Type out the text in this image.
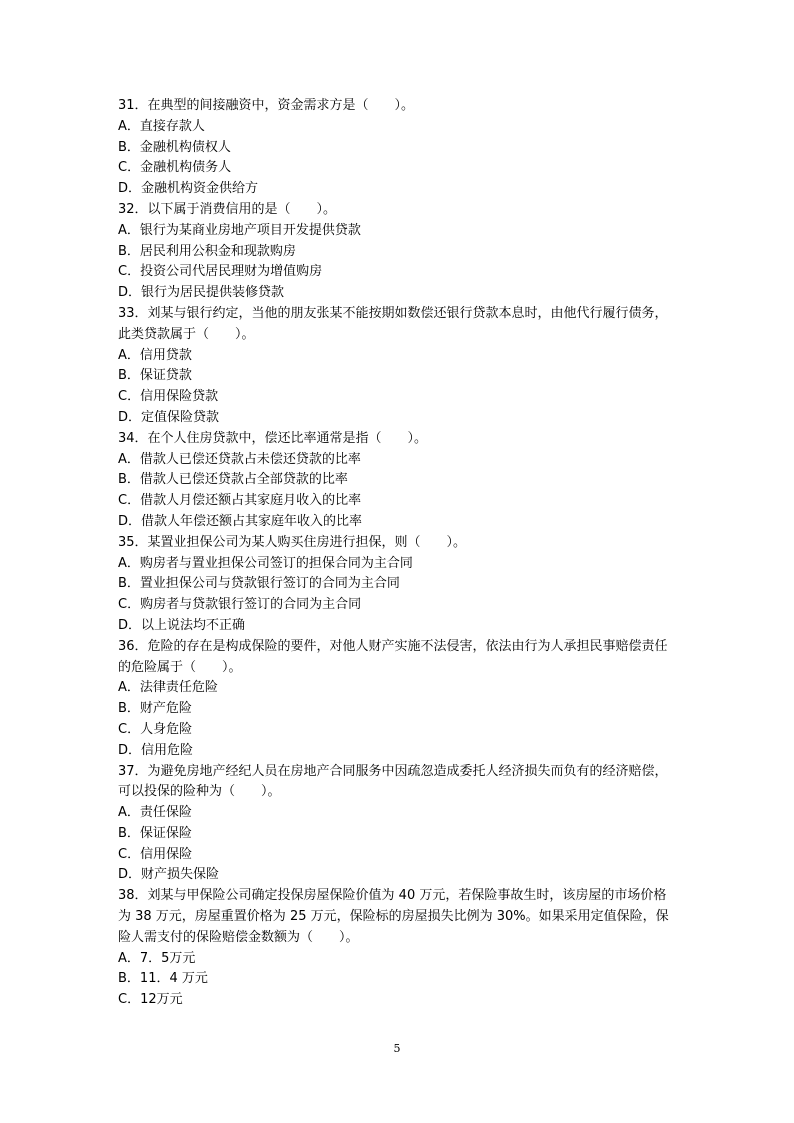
31．在典型的间接融资中，资金需求方是（　　）。
A．直接存款人
B．金融机构债权人
C．金融机构债务人
D．金融机构资金供给方
32．以下属于消费信用的是（　　）。
A．银行为某商业房地产项目开发提供贷款
B．居民利用公积金和现款购房
C．投资公司代居民理财为增值购房
D．银行为居民提供装修贷款
33．刘某与银行约定，当他的朋友张某不能按期如数偿还银行贷款本息时，由他代行履行债务，此类贷款属于（　　）。
A．信用贷款
B．保证贷款
C．信用保险贷款
D．定值保险贷款
34．在个人住房贷款中，偿还比率通常是指（　　）。
A．借款人已偿还贷款占未偿还贷款的比率
B．借款人已偿还贷款占全部贷款的比率
C．借款人月偿还额占其家庭月收入的比率
D．借款人年偿还额占其家庭年收入的比率
35．某置业担保公司为某人购买住房进行担保，则（　　）。
A．购房者与置业担保公司签订的担保合同为主合同
B．置业担保公司与贷款银行签订的合同为主合同
C．购房者与贷款银行签订的合同为主合同
D．以上说法均不正确
36．危险的存在是构成保险的要件，对他人财产实施不法侵害，依法由行为人承担民事赔偿责任的危险属于（　　）。
A．法律责任危险
B．财产危险
C．人身危险
D．信用危险
37．为避免房地产经纪人员在房地产合同服务中因疏忽造成委托人经济损失而负有的经济赔偿，可以投保的险种为（　　）。
A．责任保险
B．保证保险
C．信用保险
D．财产损失保险
38．刘某与甲保险公司确定投保房屋保险价值为 40 万元，若保险事故生时，该房屋的市场价格为 38 万元，房屋重置价格为 25 万元，保险标的房屋损失比例为 30%。如果采用定值保险，保险人需支付的保险赔偿金数额为（　　）。
A．7．5万元
B．11．4 万元
C．12万元
5
